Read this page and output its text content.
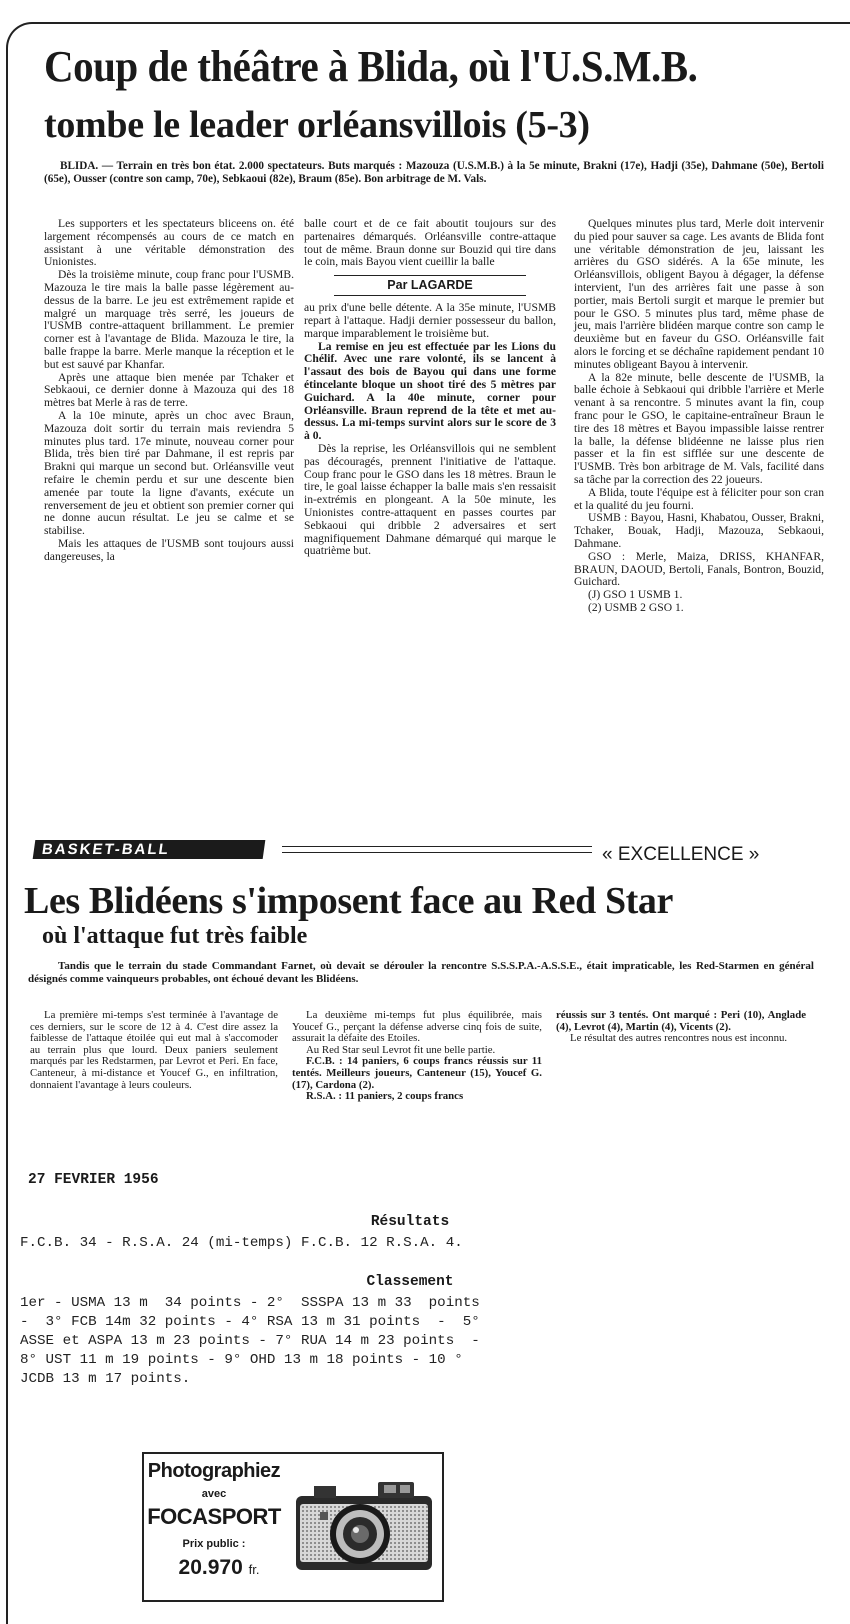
Coup de théâtre à Blida, où l'U.S.M.B.
tombe le leader orléansvillois (5-3)
BLIDA. — Terrain en très bon état. 2.000 spectateurs. Buts marqués : Mazouza (U.S.M.B.) à la 5e minute, Brakni (17e), Hadji (35e), Dahmane (50e), Bertoli (65e), Ousser (contre son camp, 70e), Sebkaoui (82e), Braum (85e). Bon arbitrage de M. Vals.

Les supporters et les spectateurs bliceens on. été largement récompensés au cours de ce match en assistant à une véritable démonstration des Unionistes.

Dès la troisième minute, coup franc pour l'USMB. Mazouza le tire mais la balle passe légèrement au-dessus de la barre. Le jeu est extrêmement rapide et malgré un marquage très serré, les joueurs de l'USMB contre-attaquent brillamment. Le premier corner est à l'avantage de Blida. Mazouza le tire, la balle frappe la barre. Merle manque la réception et le but est sauvé par Khanfar.

Après une attaque bien menée par Tchaker et Sebkaoui, ce dernier donne à Mazouza qui des 18 mètres bat Merle à ras de terre.

A la 10e minute, après un choc avec Braun, Mazouza doit sortir du terrain mais reviendra 5 minutes plus tard. 17e minute, nouveau corner pour Blida, très bien tiré par Dahmane, il est repris par Brakni qui marque un second but. Orléansville veut refaire le chemin perdu et sur une descente bien amenée par toute la ligne d'avants, exécute un renversement de jeu et obtient son premier corner qui ne donne aucun résultat. Le jeu se calme et se stabilise.

Mais les attaques de l'USMB sont toujours aussi dangereuses, la

balle court et de ce fait aboutit toujours sur des partenaires démarqués. Orléansville contre-attaque tout de même. Braun donne sur Bouzid qui tire dans le coin, mais Bayou vient cueillir la balle

Par LAGARDE

au prix d'une belle détente. A la 35e minute, l'USMB repart à l'attaque. Hadji dernier possesseur du ballon, marque imparablement le troisième but.

La remise en jeu est effectuée par les Lions du Chélif. Avec une rare volonté, ils se lancent à l'assaut des bois de Bayou qui dans une forme étincelante bloque un shoot tiré des 5 mètres par Guichard. A la 40e minute, corner pour Orléansville. Braun reprend de la tête et met au-dessus. La mi-temps survint alors sur le score de 3 à 0.

Dès la reprise, les Orléansvillois qui ne semblent pas découragés, prennent l'initiative de l'attaque. Coup franc pour le GSO dans les 18 mètres. Braun le tire, le goal laisse échapper la balle mais s'en ressaisit in-extrémis en plongeant. A la 50e minute, les Unionistes contre-attaquent en passes courtes par Sebkaoui qui dribble 2 adversaires et sert magnifiquement Dahmane démarqué qui marque le quatrième but.

Quelques minutes plus tard, Merle doit intervenir du pied pour sauver sa cage. Les avants de Blida font une véritable démonstration de jeu, laissant les arrières du GSO sidérés. A la 65e minute, les Orléansvillois, obligent Bayou à dégager, la défense intervient, l'un des arrières fait une passe à son portier, mais Bertoli surgit et marque le premier but pour le GSO. 5 minutes plus tard, même phase de jeu, mais l'arrière blidéen marque contre son camp le deuxième but en faveur du GSO. Orléansville fait alors le forcing et se déchaîne rapidement pendant 10 minutes obligeant Bayou à intervenir.

A la 82e minute, belle descente de l'USMB, la balle échoie à Sebkaoui qui dribble l'arrière et Merle venant à sa rencontre. 5 minutes avant la fin, coup franc pour le GSO, le capitaine-entraîneur Braun le tire des 18 mètres et Bayou impassible laisse rentrer la balle, la défense blidéenne ne laisse plus rien passer et la fin est sifflée sur une descente de l'USMB. Très bon arbitrage de M. Vals, facilité dans sa tâche par la correction des 22 joueurs.

A Blida, toute l'équipe est à féliciter pour son cran et la qualité du jeu fourni.

USMB : Bayou, Hasni, Khabatou, Ousser, Brakni, Tchaker, Bouak, Hadji, Mazouza, Sebkaoui, Dahmane.

GSO : Merle, Maiza, DRISS, KHANFAR, BRAUN, DAOUD, Bertoli, Fanals, Bontron, Bouzid, Guichard.

(J) GSO 1 USMB 1.

(2) USMB 2 GSO 1.

BASKET-BALL	« EXCELLENCE »
Les Blidéens s'imposent face au Red Star
où l'attaque fut très faible
Tandis que le terrain du stade Commandant Farnet, où devait se dérouler la rencontre S.S.S.P.A.-A.S.S.E., était impraticable, les Red-Starmen en général désignés comme vainqueurs probables, ont échoué devant les Blidéens.

La première mi-temps s'est terminée à l'avantage de ces derniers, sur le score de 12 à 4. C'est dire assez la faiblesse de l'attaque étoilée qui eut mal à s'accomoder au terrain plus que lourd. Deux paniers seulement marqués par les Redstarmen, par Levrot et Peri. En face, Canteneur, à mi-distance et Youcef G., en infiltration, donnaient l'avantage à leurs couleurs.

La deuxième mi-temps fut plus équilibrée, mais Youcef G., perçant la défense adverse cinq fois de suite, assurait la défaite des Etoiles.

Au Red Star seul Levrot fit une belle partie.

F.C.B. : 14 paniers, 6 coups francs réussis sur 11 tentés. Meilleurs joueurs, Canteneur (15), Youcef G. (17), Cardona (2).

R.S.A. : 11 paniers, 2 coups francs

réussis sur 3 tentés. Ont marqué : Peri (10), Anglade (4), Levrot (4), Martin (4), Vicents (2).

Le résultat des autres rencontres nous est inconnu.

27 FEVRIER 1956
Résultats
F.C.B. 34 - R.S.A. 24 (mi-temps) F.C.B. 12 R.S.A. 4.
Classement
1er - USMA 13 m  34 points - 2°  SSSPA 13 m 33  points
-  3° FCB 14m 32 points - 4° RSA 13 m 31 points  -  5°
ASSE et ASPA 13 m 23 points - 7° RUA 14 m 23 points  -
8° UST 11 m 19 points - 9° OHD 13 m 18 points - 10 °
JCDB 13 m 17 points.
Photographiez
avec
FOCASPORT
Prix public :
20.970 fr.
